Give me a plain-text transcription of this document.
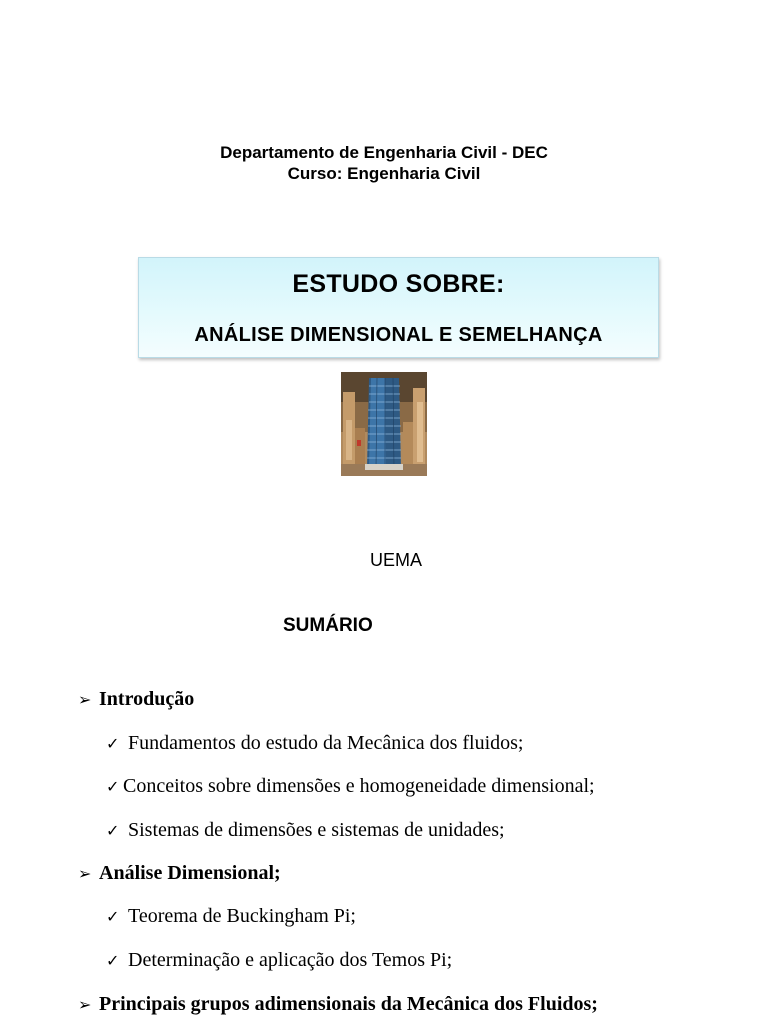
Departamento de Engenharia Civil - DEC
Curso: Engenharia Civil
ESTUDO SOBRE:
ANÁLISE DIMENSIONAL E SEMELHANÇA
UEMA
SUMÁRIO
➢ Introdução
✓ Fundamentos do estudo da Mecânica dos fluidos;
✓ Conceitos sobre dimensões e homogeneidade dimensional;
✓ Sistemas de dimensões e sistemas de unidades;
➢ Análise Dimensional;
✓ Teorema de Buckingham Pi;
✓ Determinação e aplicação dos Temos Pi;
➢ Principais grupos adimensionais da Mecânica dos Fluidos;
